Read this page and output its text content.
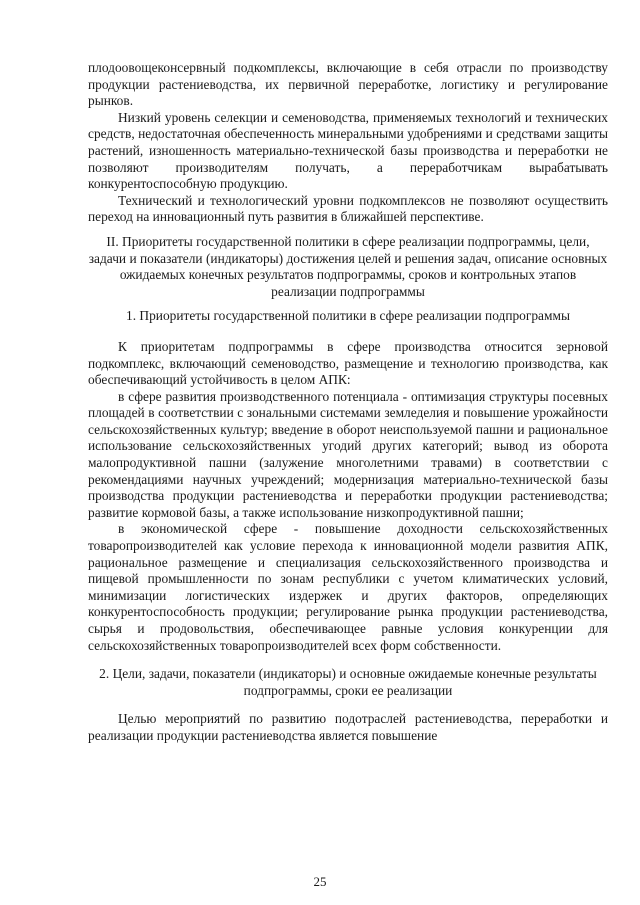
плодоовощеконсервный подкомплексы, включающие в себя отрасли по производству продукции растениеводства, их первичной переработке, логистику и регулирование рынков.

Низкий уровень селекции и семеноводства, применяемых технологий и технических средств, недостаточная обеспеченность минеральными удобрениями и средствами защиты растений, изношенность материально-технической базы производства и переработки не позволяют производителям получать, а переработчикам вырабатывать конкурентоспособную продукцию.

Технический и технологический уровни подкомплексов не позволяют осуществить переход на инновационный путь развития в ближайшей перспективе.

II. Приоритеты государственной политики в сфере реализации подпрограммы, цели, задачи и показатели (индикаторы) достижения целей и решения задач, описание основных ожидаемых конечных результатов подпрограммы, сроков и контрольных этапов реализации подпрограммы
1. Приоритеты государственной политики в сфере реализации подпрограммы

К приоритетам подпрограммы в сфере производства относится зерновой подкомплекс, включающий семеноводство, размещение и технологию производства, как обеспечивающий устойчивость в целом АПК:

в сфере развития производственного потенциала - оптимизация структуры посевных площадей в соответствии с зональными системами земледелия и повышение урожайности сельскохозяйственных культур; введение в оборот неиспользуемой пашни и рациональное использование сельскохозяйственных угодий других категорий; вывод из оборота малопродуктивной пашни (залужение многолетними травами) в соответствии с рекомендациями научных учреждений; модернизация материально-технической базы производства продукции растениеводства и переработки продукции растениеводства; развитие кормовой базы, а также использование низкопродуктивной пашни;

в экономической сфере - повышение доходности сельскохозяйственных товаропроизводителей как условие перехода к инновационной модели развития АПК, рациональное размещение и специализация сельскохозяйственного производства и пищевой промышленности по зонам республики с учетом климатических условий, минимизации логистических издержек и других факторов, определяющих конкурентоспособность продукции; регулирование рынка продукции растениеводства, сырья и продовольствия, обеспечивающее равные условия конкуренции для сельскохозяйственных товаропроизводителей всех форм собственности.

2. Цели, задачи, показатели (индикаторы) и основные ожидаемые конечные результаты подпрограммы, сроки ее реализации

Целью мероприятий по развитию подотраслей растениеводства, переработки и реализации продукции растениеводства является повышение

25
